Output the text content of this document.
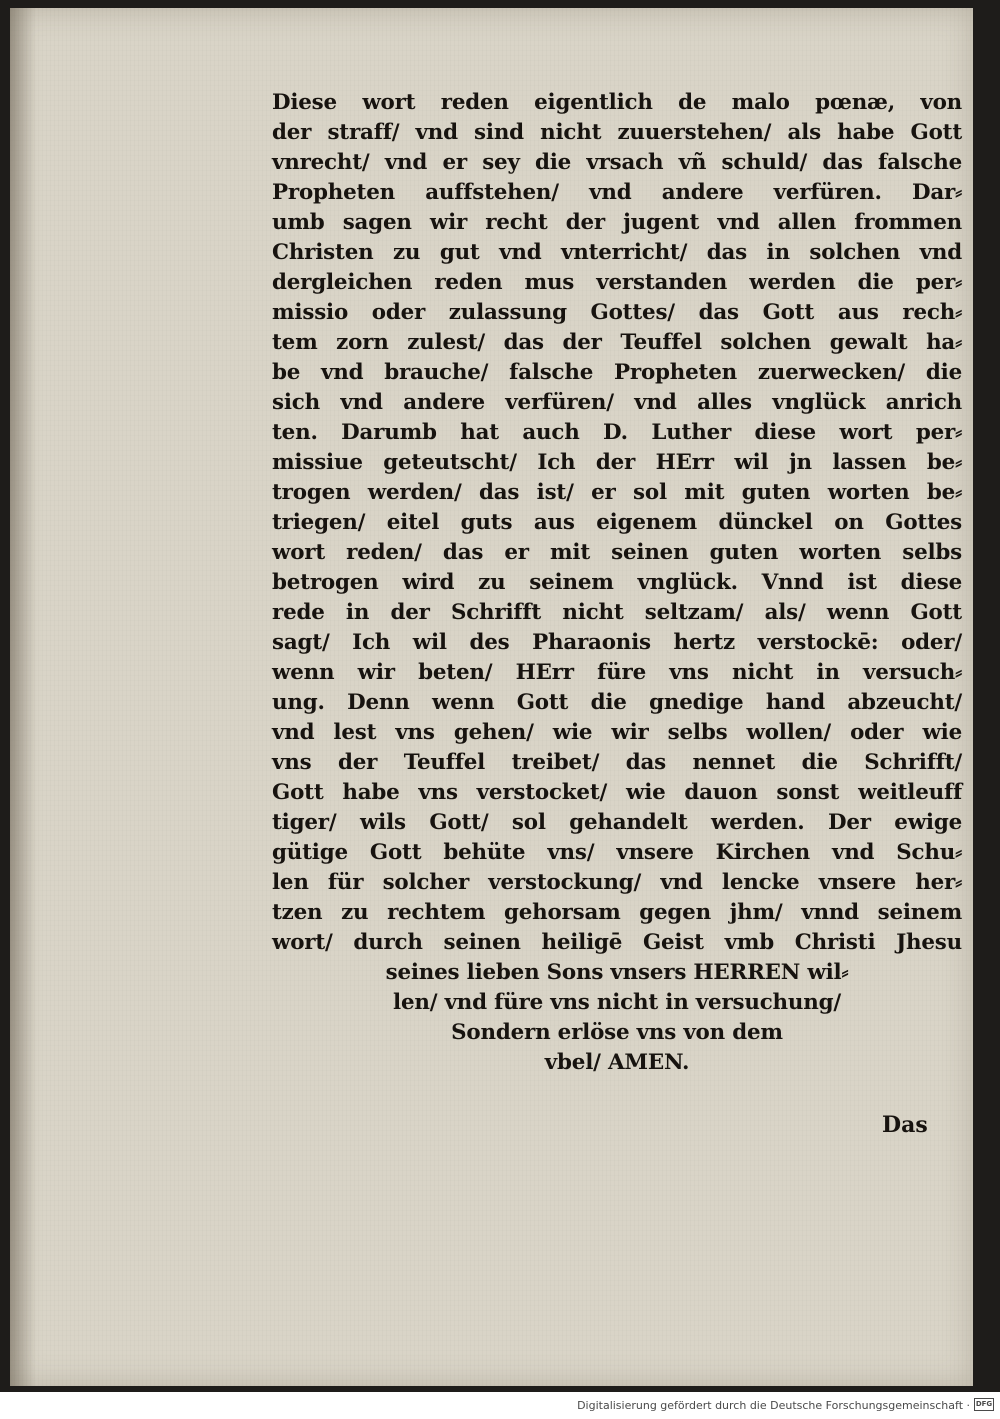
Diese wort reden eigentlich de malo pœnæ, von
der straff/ vnd sind nicht zuuerstehen/ als habe Gott
vnrecht/ vnd er sey die vrsach vñ schuld/ das falsche
Propheten auffstehen/ vnd andere verfüren. Dar⸗
umb sagen wir recht der jugent vnd allen frommen
Christen zu gut vnd vnterricht/ das in solchen vnd
dergleichen reden mus verstanden werden die per⸗
missio oder zulassung Gottes/ das Gott aus rech⸗
tem zorn zulest/ das der Teuffel solchen gewalt ha⸗
be vnd brauche/ falsche Propheten zuerwecken/ die
sich vnd andere verfüren/ vnd alles vnglück anrich
ten. Darumb hat auch D. Luther diese wort per⸗
missiue geteutscht/ Ich der HErr wil jn lassen be⸗
trogen werden/ das ist/ er sol mit guten worten be⸗
triegen/ eitel guts aus eigenem dünckel on Gottes
wort reden/ das er mit seinen guten worten selbs
betrogen wird zu seinem vnglück. Vnnd ist diese
rede in der Schrifft nicht seltzam/ als/ wenn Gott
sagt/ Ich wil des Pharaonis hertz verstockē: oder/
wenn wir beten/ HErr füre vns nicht in versuch⸗
ung. Denn wenn Gott die gnedige hand abzeucht/
vnd lest vns gehen/ wie wir selbs wollen/ oder wie
vns der Teuffel treibet/ das nennet die Schrifft/
Gott habe vns verstocket/ wie dauon sonst weitleuff
tiger/ wils Gott/ sol gehandelt werden. Der ewige
gütige Gott behüte vns/ vnsere Kirchen vnd Schu⸗
len für solcher verstockung/ vnd lencke vnsere her⸗
tzen zu rechtem gehorsam gegen jhm/ vnnd seinem
wort/ durch seinen heiligē Geist vmb Christi Jhesu
seines lieben Sons vnsers HERREN wil⸗
len/ vnd füre vns nicht in versuchung/
Sondern erlöse vns von dem
vbel/ AMEN.
Das
Digitalisierung gefördert durch die Deutsche Forschungsgemeinschaft · DFG
